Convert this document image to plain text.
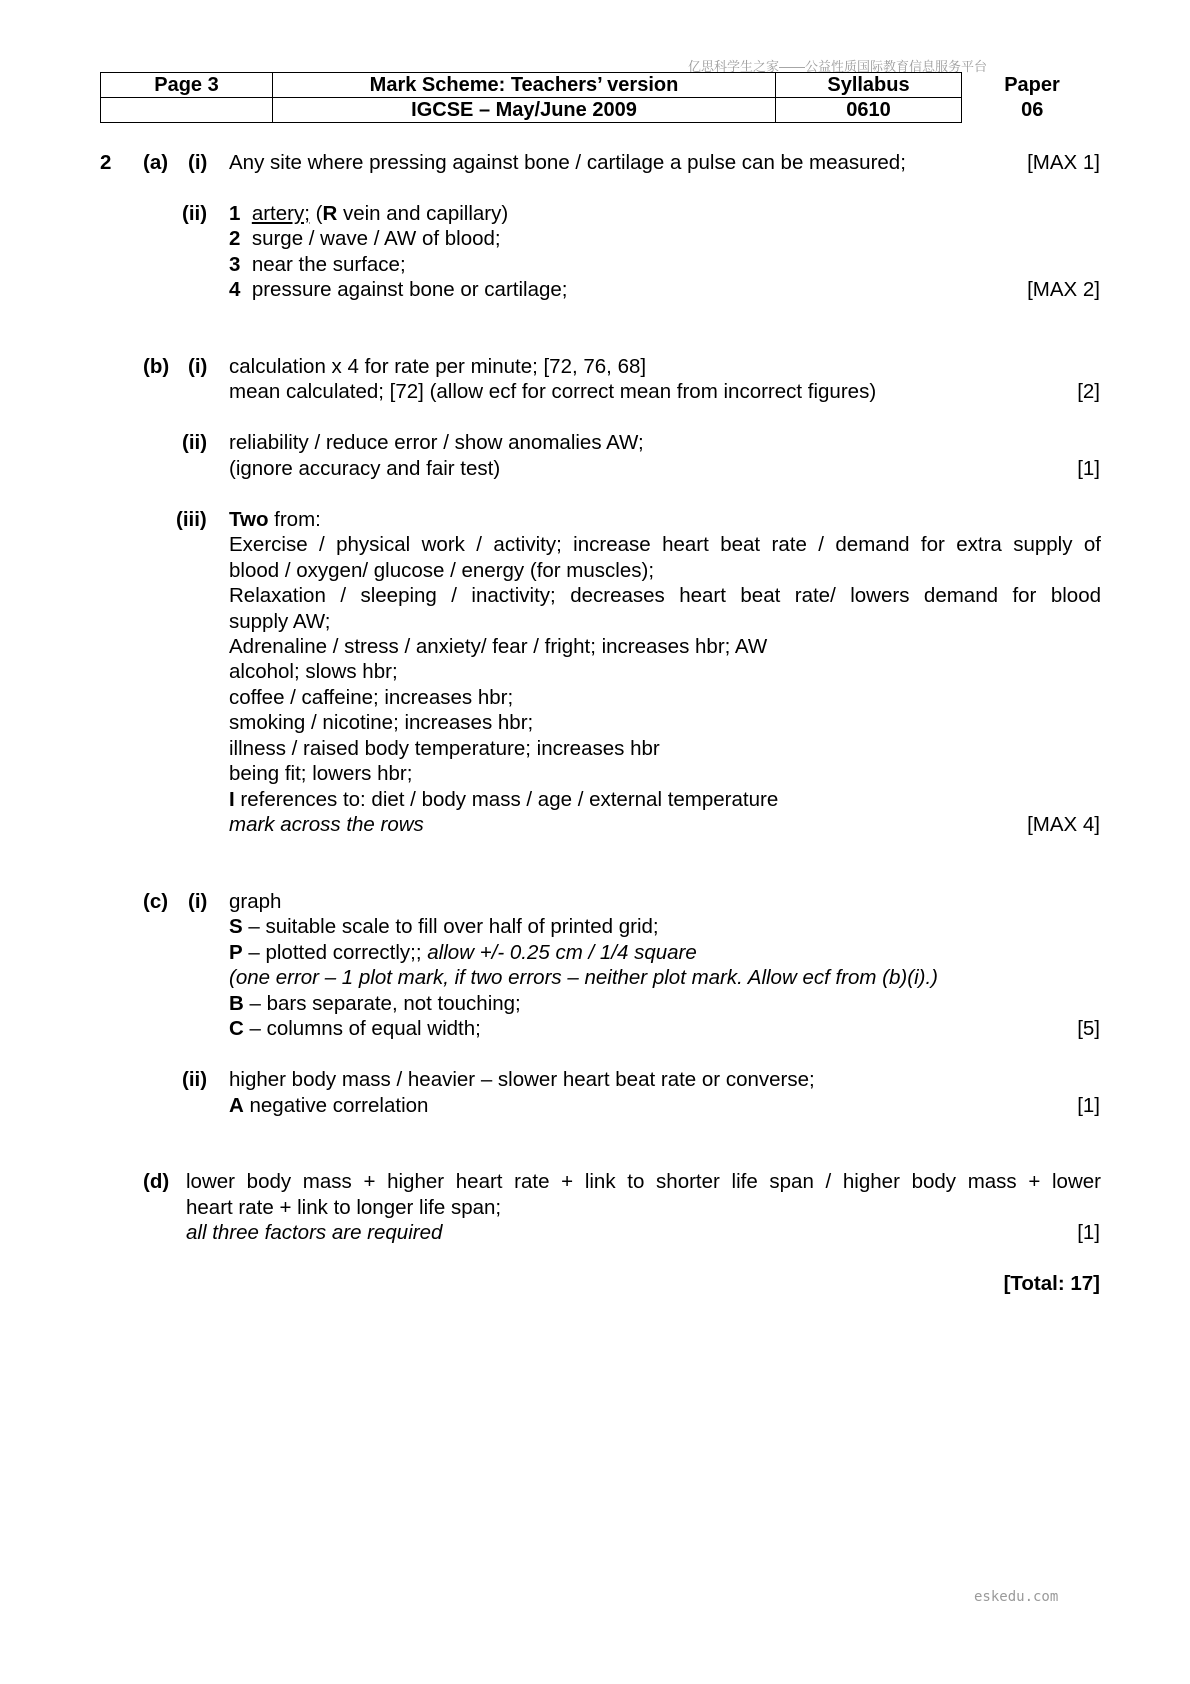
亿思科学生之家——公益性质国际教育信息服务平台
Page 3	Mark Scheme: Teachers’ version	Syllabus	Paper
	IGCSE – May/June 2009	0610	06
2 (a) (i) Any site where pressing against bone / cartilage a pulse can be measured;	[MAX 1]
(ii) 1 artery; (R vein and capillary)
2 surge / wave / AW of blood;
3 near the surface;
4 pressure against bone or cartilage;	[MAX 2]
(b) (i) calculation x 4 for rate per minute; [72, 76, 68]
mean calculated; [72] (allow ecf for correct mean from incorrect figures)	[2]
(ii) reliability / reduce error / show anomalies AW;
(ignore accuracy and fair test)	[1]
(iii) Two from:
Exercise / physical work / activity; increase heart beat rate / demand for extra supply of
blood / oxygen/ glucose / energy (for muscles);
Relaxation / sleeping / inactivity; decreases heart beat rate/ lowers demand for blood
supply AW;
Adrenaline / stress / anxiety/ fear / fright; increases hbr; AW
alcohol; slows hbr;
coffee / caffeine; increases hbr;
smoking / nicotine; increases hbr;
illness / raised body temperature; increases hbr
being fit; lowers hbr;
I references to: diet / body mass / age / external temperature
mark across the rows	[MAX 4]
(c) (i) graph
S – suitable scale to fill over half of printed grid;
P – plotted correctly;; allow +/- 0.25 cm / 1/4 square
(one error – 1 plot mark, if two errors – neither plot mark. Allow ecf from (b)(i).)
B – bars separate, not touching;
C – columns of equal width;	[5]
(ii) higher body mass / heavier – slower heart beat rate or converse;
A negative correlation	[1]
(d) lower body mass + higher heart rate + link to shorter life span / higher body mass + lower
heart rate + link to longer life span;
all three factors are required	[1]
[Total: 17]
eskedu.com
